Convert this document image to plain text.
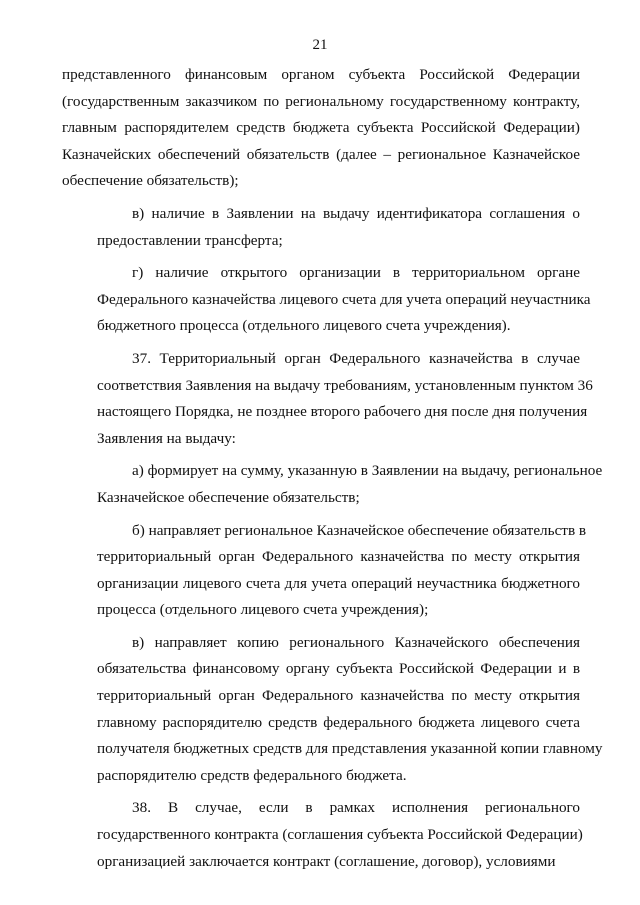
21
представленного финансовым органом субъекта Российской Федерации
(государственным заказчиком по региональному государственному контракту,
главным распорядителем средств бюджета субъекта Российской Федерации)
Казначейских обеспечений обязательств (далее – региональное Казначейское
обеспечение обязательств);
в) наличие в Заявлении на выдачу идентификатора соглашения о
предоставлении трансферта;
г) наличие открытого организации в территориальном органе
Федерального казначейства лицевого счета для учета операций неучастника
бюджетного процесса (отдельного лицевого счета учреждения).
37. Территориальный орган Федерального казначейства в случае
соответствия Заявления на выдачу требованиям, установленным пунктом 36
настоящего Порядка, не позднее второго рабочего дня после дня получения
Заявления на выдачу:
а) формирует на сумму, указанную в Заявлении на выдачу, региональное
Казначейское обеспечение обязательств;
б) направляет региональное Казначейское обеспечение обязательств в
территориальный орган Федерального казначейства по месту открытия
организации лицевого счета для учета операций неучастника бюджетного
процесса (отдельного лицевого счета учреждения);
в) направляет копию регионального Казначейского обеспечения
обязательства финансовому органу субъекта Российской Федерации и в
территориальный орган Федерального казначейства по месту открытия
главному распорядителю средств федерального бюджета лицевого счета
получателя бюджетных средств для представления указанной копии главному
распорядителю средств федерального бюджета.
38. В случае, если в рамках исполнения регионального
государственного контракта (соглашения субъекта Российской Федерации)
организацией заключается контракт (соглашение, договор), условиями
